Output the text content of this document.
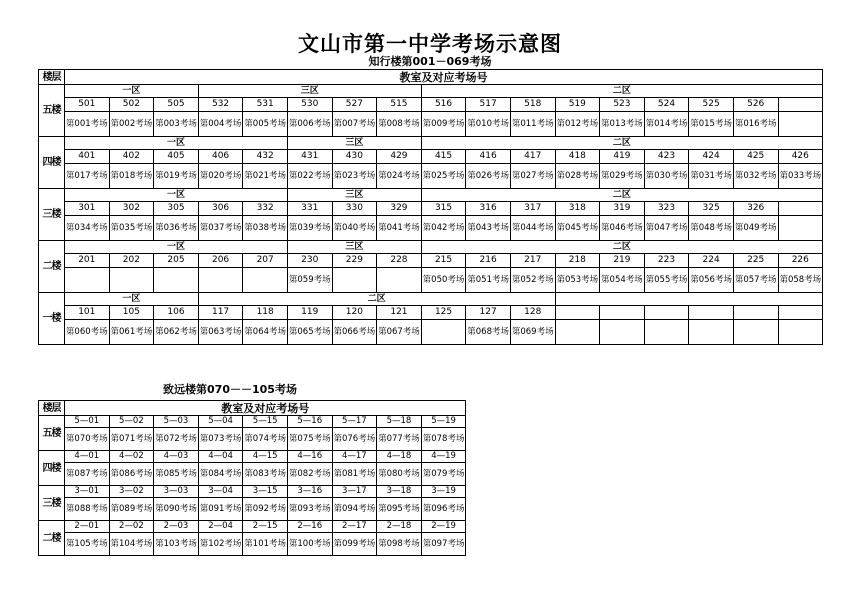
文山市第一中学考场示意图
知行楼第001－069考场
楼层	教室及对应考场号																
五楼	一区			三区					二区								
	501	502	505	532	531	530	527	515	516	517	518	519	523	524	525	526	
	第001考场	第002考场	第003考场	第004考场	第005考场	第006考场	第007考场	第008考场	第009考场	第010考场	第011考场	第012考场	第013考场	第014考场	第015考场	第016考场	
四楼	一区					三区			二区								
	401	402	405	406	432	431	430	429	415	416	417	418	419	423	424	425	426
	第017考场	第018考场	第019考场	第020考场	第021考场	第022考场	第023考场	第024考场	第025考场	第026考场	第027考场	第028考场	第029考场	第030考场	第031考场	第032考场	第033考场
三楼	一区					三区			二区								
	301	302	305	306	332	331	330	329	315	316	317	318	319	323	325	326	
	第034考场	第035考场	第036考场	第037考场	第038考场	第039考场	第040考场	第041考场	第042考场	第043考场	第044考场	第045考场	第046考场	第047考场	第048考场	第049考场	
二楼	一区					三区			二区								
	201	202	205	206	207	230	229	228	215	216	217	218	219	223	224	225	226
						第059考场			第050考场	第051考场	第052考场	第053考场	第054考场	第055考场	第056考场	第057考场	第058考场
一楼	一区			二区													
	101	105	106	117	118	119	120	121	125	127	128						
	第060考场	第061考场	第062考场	第063考场	第064考场	第065考场	第066考场	第067考场		第068考场	第069考场						
致远楼第070－－105考场
楼层	教室及对应考场号								
五楼	5—01	5—02	5—03	5—04	5—15	5—16	5—17	5—18	5—19
	第070考场	第071考场	第072考场	第073考场	第074考场	第075考场	第076考场	第077考场	第078考场
四楼	4—01	4—02	4—03	4—04	4—15	4—16	4—17	4—18	4—19
	第087考场	第086考场	第085考场	第084考场	第083考场	第082考场	第081考场	第080考场	第079考场
三楼	3—01	3—02	3—03	3—04	3—15	3—16	3—17	3—18	3—19
	第088考场	第089考场	第090考场	第091考场	第092考场	第093考场	第094考场	第095考场	第096考场
二楼	2—01	2—02	2—03	2—04	2—15	2—16	2—17	2—18	2—19
	第105考场	第104考场	第103考场	第102考场	第101考场	第100考场	第099考场	第098考场	第097考场
